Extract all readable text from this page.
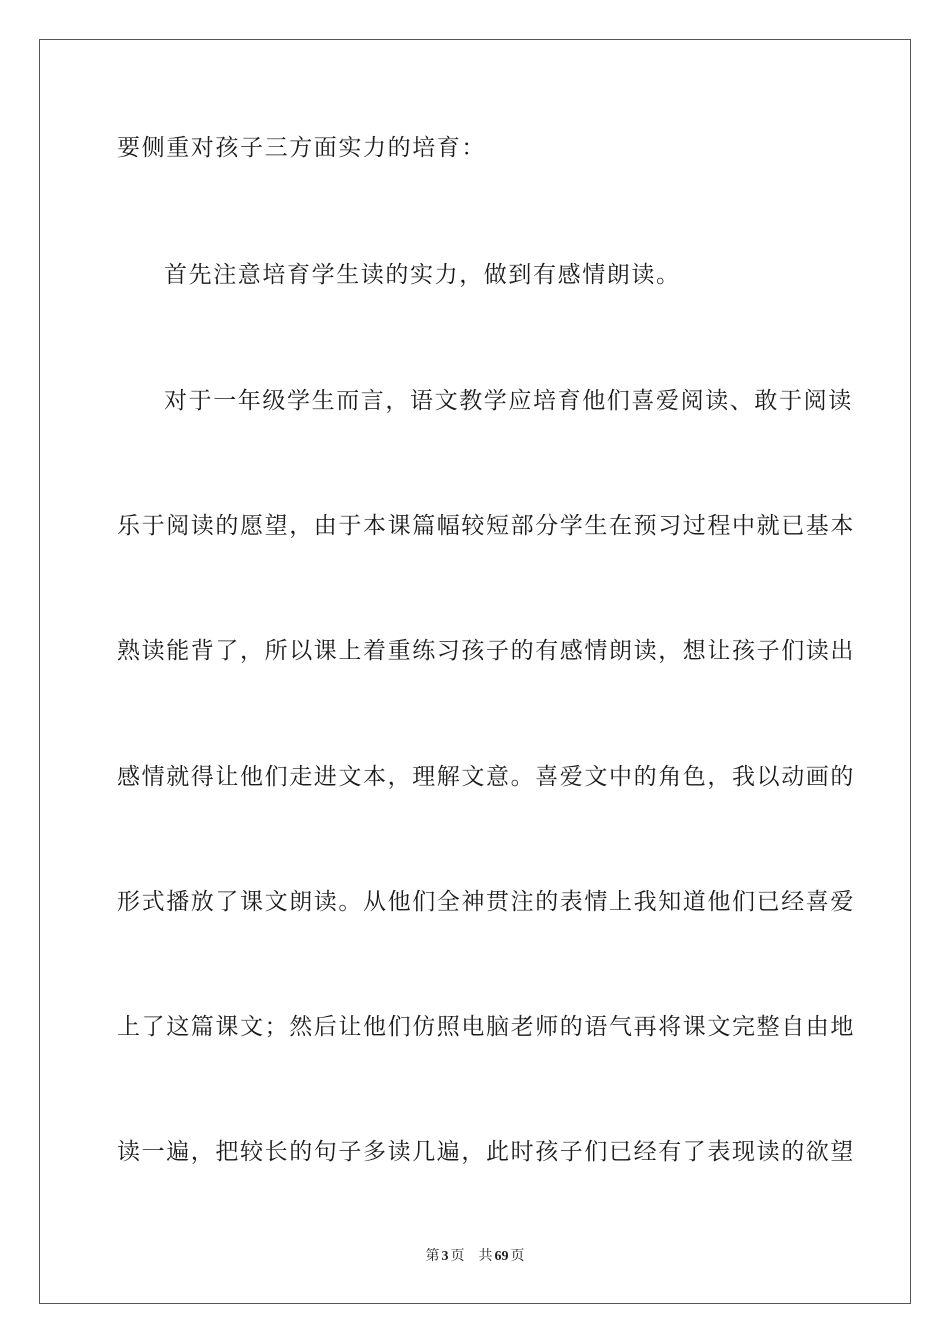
要侧重对孩子三方面实力的培育：
首先注意培育学生读的实力，做到有感情朗读。
对于一年级学生而言，语文教学应培育他们喜爱阅读、敢于阅读
乐于阅读的愿望，由于本课篇幅较短部分学生在预习过程中就已基本
熟读能背了，所以课上着重练习孩子的有感情朗读，想让孩子们读出
感情就得让他们走进文本，理解文意。喜爱文中的角色，我以动画的
形式播放了课文朗读。从他们全神贯注的表情上我知道他们已经喜爱
上了这篇课文；然后让他们仿照电脑老师的语气再将课文完整自由地
读一遍，把较长的句子多读几遍，此时孩子们已经有了表现读的欲望
第 3 页 共 69 页
